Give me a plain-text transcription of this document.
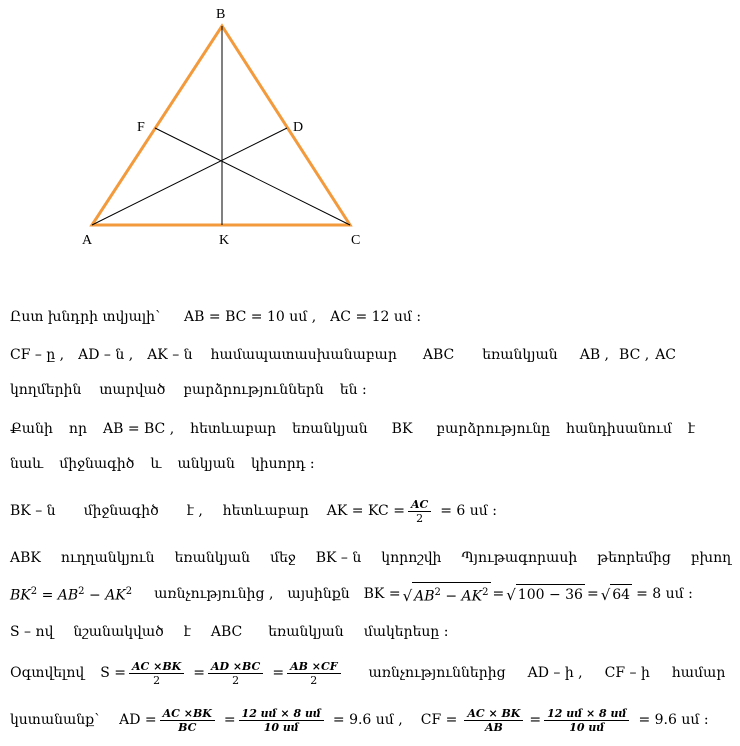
B
F	D
A	K	C
Ըստ խնդրի տվյալի` AB = BC = 10 սմ , AC = 12 սմ :
CF – ը , AD – ն , AK – ն համապատասխանաբար ABC եռանկյան AB , BC , AC
կողմերին տարված բարձրություններն են :
Քանի որ AB = BC , հետևաբար եռանկյան BK բարձրությունը հանդիսանում է
նաև միջնագիծ և անկյան կիսորդ :
BK – ն միջնագիծ է , հետևաբար AK = KC = $\frac{AC}{2} = 6$ սմ :
ABK ուղղանկյուն եռանկյան մեջ BK – ն կորոշվի Պյութագորասի թեորեմից բխող
$BK^2 = AB^2 - AK^2$ առնչությունից , այսինքն BK = √ $AB^2 - AK^2$ = √ 100 − 36 = √ 64 = 8 սմ :
S – ով նշանակված է ABC եռանկյան մակերեսը :
Օգտվելով $S = \frac{AC \times BK}{2} = \frac{AD \times BC}{2} = \frac{AB \times CF}{2}$ առնչություններից AD – ի , CF – ի համար
կստանանք` AD = $\frac{AC \times BK}{BC} = \frac{\text{12 սմ × 8 սմ}}{\text{10 սմ}} = 9.6$ սմ , CF = $\frac{AC \times BK}{AB} = \frac{\text{12 սմ × 8 սմ}}{\text{10 սմ}} = 9.6$ սմ :
